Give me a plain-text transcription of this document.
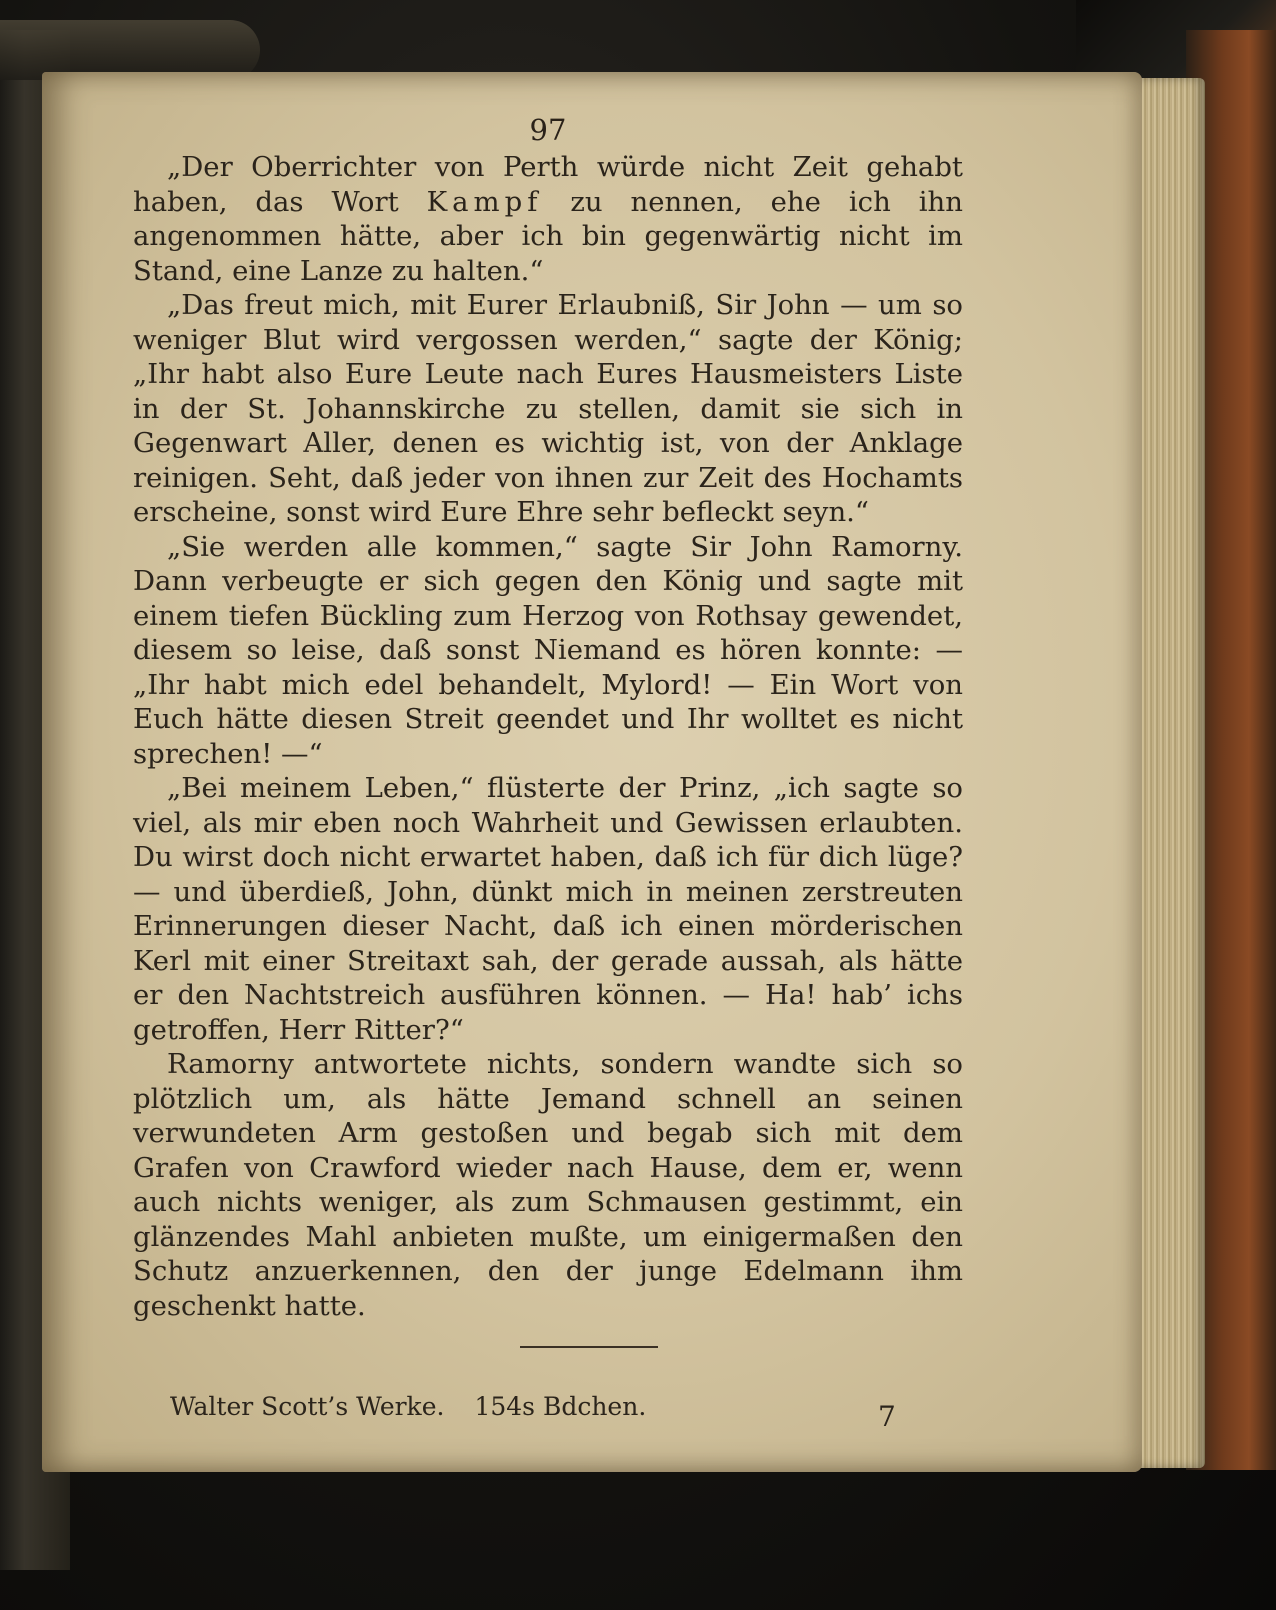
97

„Der Oberrichter von Perth würde nicht Zeit gehabt haben, das Wort Kampf zu nennen, ehe ich ihn angenommen hätte, aber ich bin gegenwärtig nicht im Stand, eine Lanze zu halten.“

„Das freut mich, mit Eurer Erlaubniß, Sir John — um so weniger Blut wird vergossen werden,“ sagte der König; „Ihr habt also Eure Leute nach Eures Hausmeisters Liste in der St. Johannskirche zu stellen, damit sie sich in Gegenwart Aller, denen es wichtig ist, von der Anklage reinigen. Seht, daß jeder von ihnen zur Zeit des Hochamts erscheine, sonst wird Eure Ehre sehr befleckt seyn.“

„Sie werden alle kommen,“ sagte Sir John Ramorny. Dann verbeugte er sich gegen den König und sagte mit einem tiefen Bückling zum Herzog von Rothsay gewendet, diesem so leise, daß sonst Niemand es hören konnte: — „Ihr habt mich edel behandelt, Mylord! — Ein Wort von Euch hätte diesen Streit geendet und Ihr wolltet es nicht sprechen! —“

„Bei meinem Leben,“ flüsterte der Prinz, „ich sagte so viel, als mir eben noch Wahrheit und Gewissen erlaubten. Du wirst doch nicht erwartet haben, daß ich für dich lüge? — und überdieß, John, dünkt mich in meinen zerstreuten Erinnerungen dieser Nacht, daß ich einen mörderischen Kerl mit einer Streitaxt sah, der gerade aussah, als hätte er den Nachtstreich ausführen können. — Ha! hab’ ichs getroffen, Herr Ritter?“

Ramorny antwortete nichts, sondern wandte sich so plötzlich um, als hätte Jemand schnell an seinen verwundeten Arm gestoßen und begab sich mit dem Grafen von Crawford wieder nach Hause, dem er, wenn auch nichts weniger, als zum Schmausen gestimmt, ein glänzendes Mahl anbieten mußte, um einigermaßen den Schutz anzuerkennen, den der junge Edelmann ihm geschenkt hatte.

Walter Scott’s Werke. 154s Bdchen.	7
